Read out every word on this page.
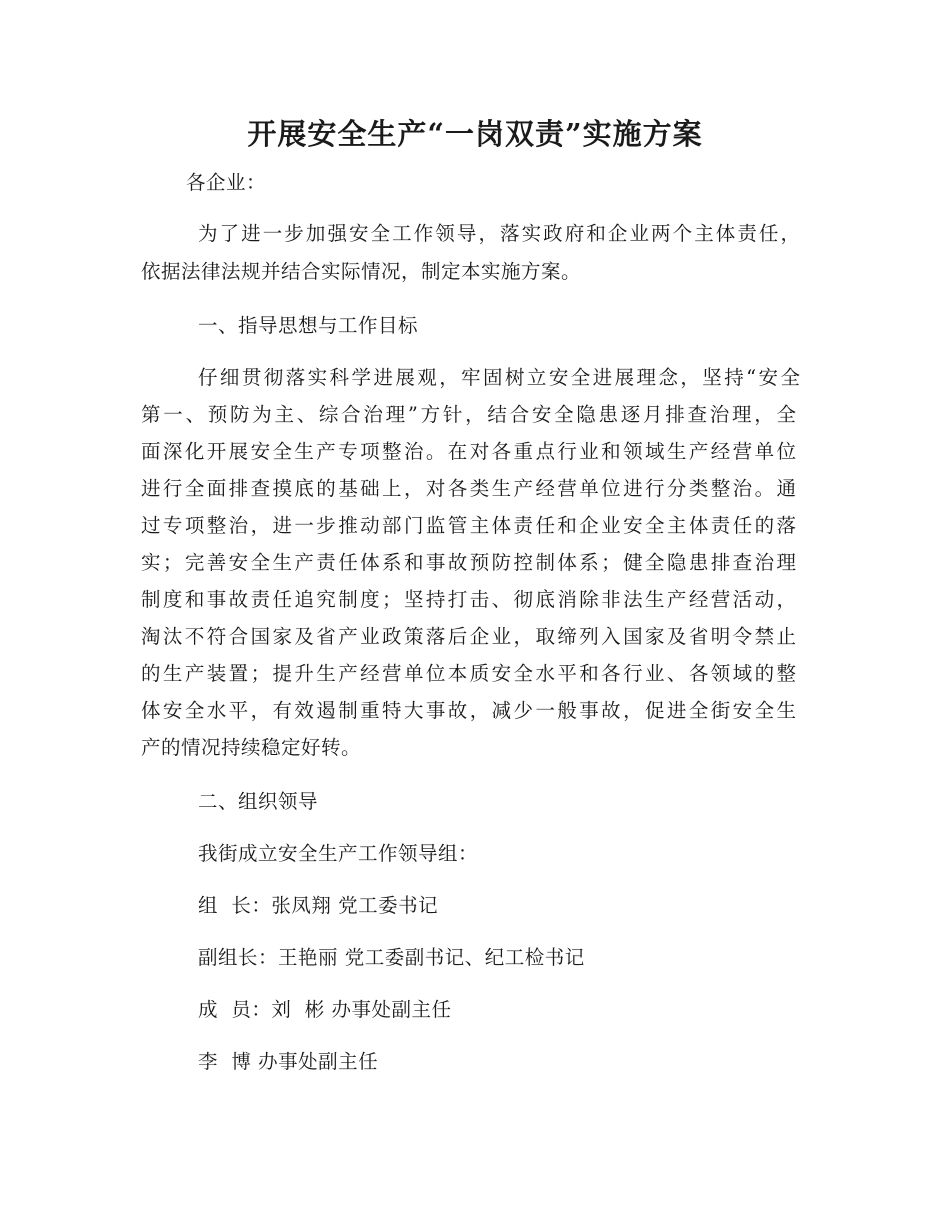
开展安全生产“一岗双责”实施方案
各企业：
为了进一步加强安全工作领导，落实政府和企业两个主体责任，
依据法律法规并结合实际情况，制定本实施方案。
一、指导思想与工作目标
仔细贯彻落实科学进展观，牢固树立安全进展理念，坚持“安全
第一、预防为主、综合治理”方针，结合安全隐患逐月排查治理，全
面深化开展安全生产专项整治。在对各重点行业和领域生产经营单位
进行全面排查摸底的基础上，对各类生产经营单位进行分类整治。通
过专项整治，进一步推动部门监管主体责任和企业安全主体责任的落
实；完善安全生产责任体系和事故预防控制体系；健全隐患排查治理
制度和事故责任追究制度；坚持打击、彻底消除非法生产经营活动，
淘汰不符合国家及省产业政策落后企业，取缔列入国家及省明令禁止
的生产装置；提升生产经营单位本质安全水平和各行业、各领域的整
体安全水平，有效遏制重特大事故，减少一般事故，促进全街安全生
产的情况持续稳定好转。
二、组织领导
我街成立安全生产工作领导组：
组  长：张凤翔 党工委书记
副组长：王艳丽 党工委副书记、纪工检书记
成  员：刘  彬 办事处副主任
李  博 办事处副主任
